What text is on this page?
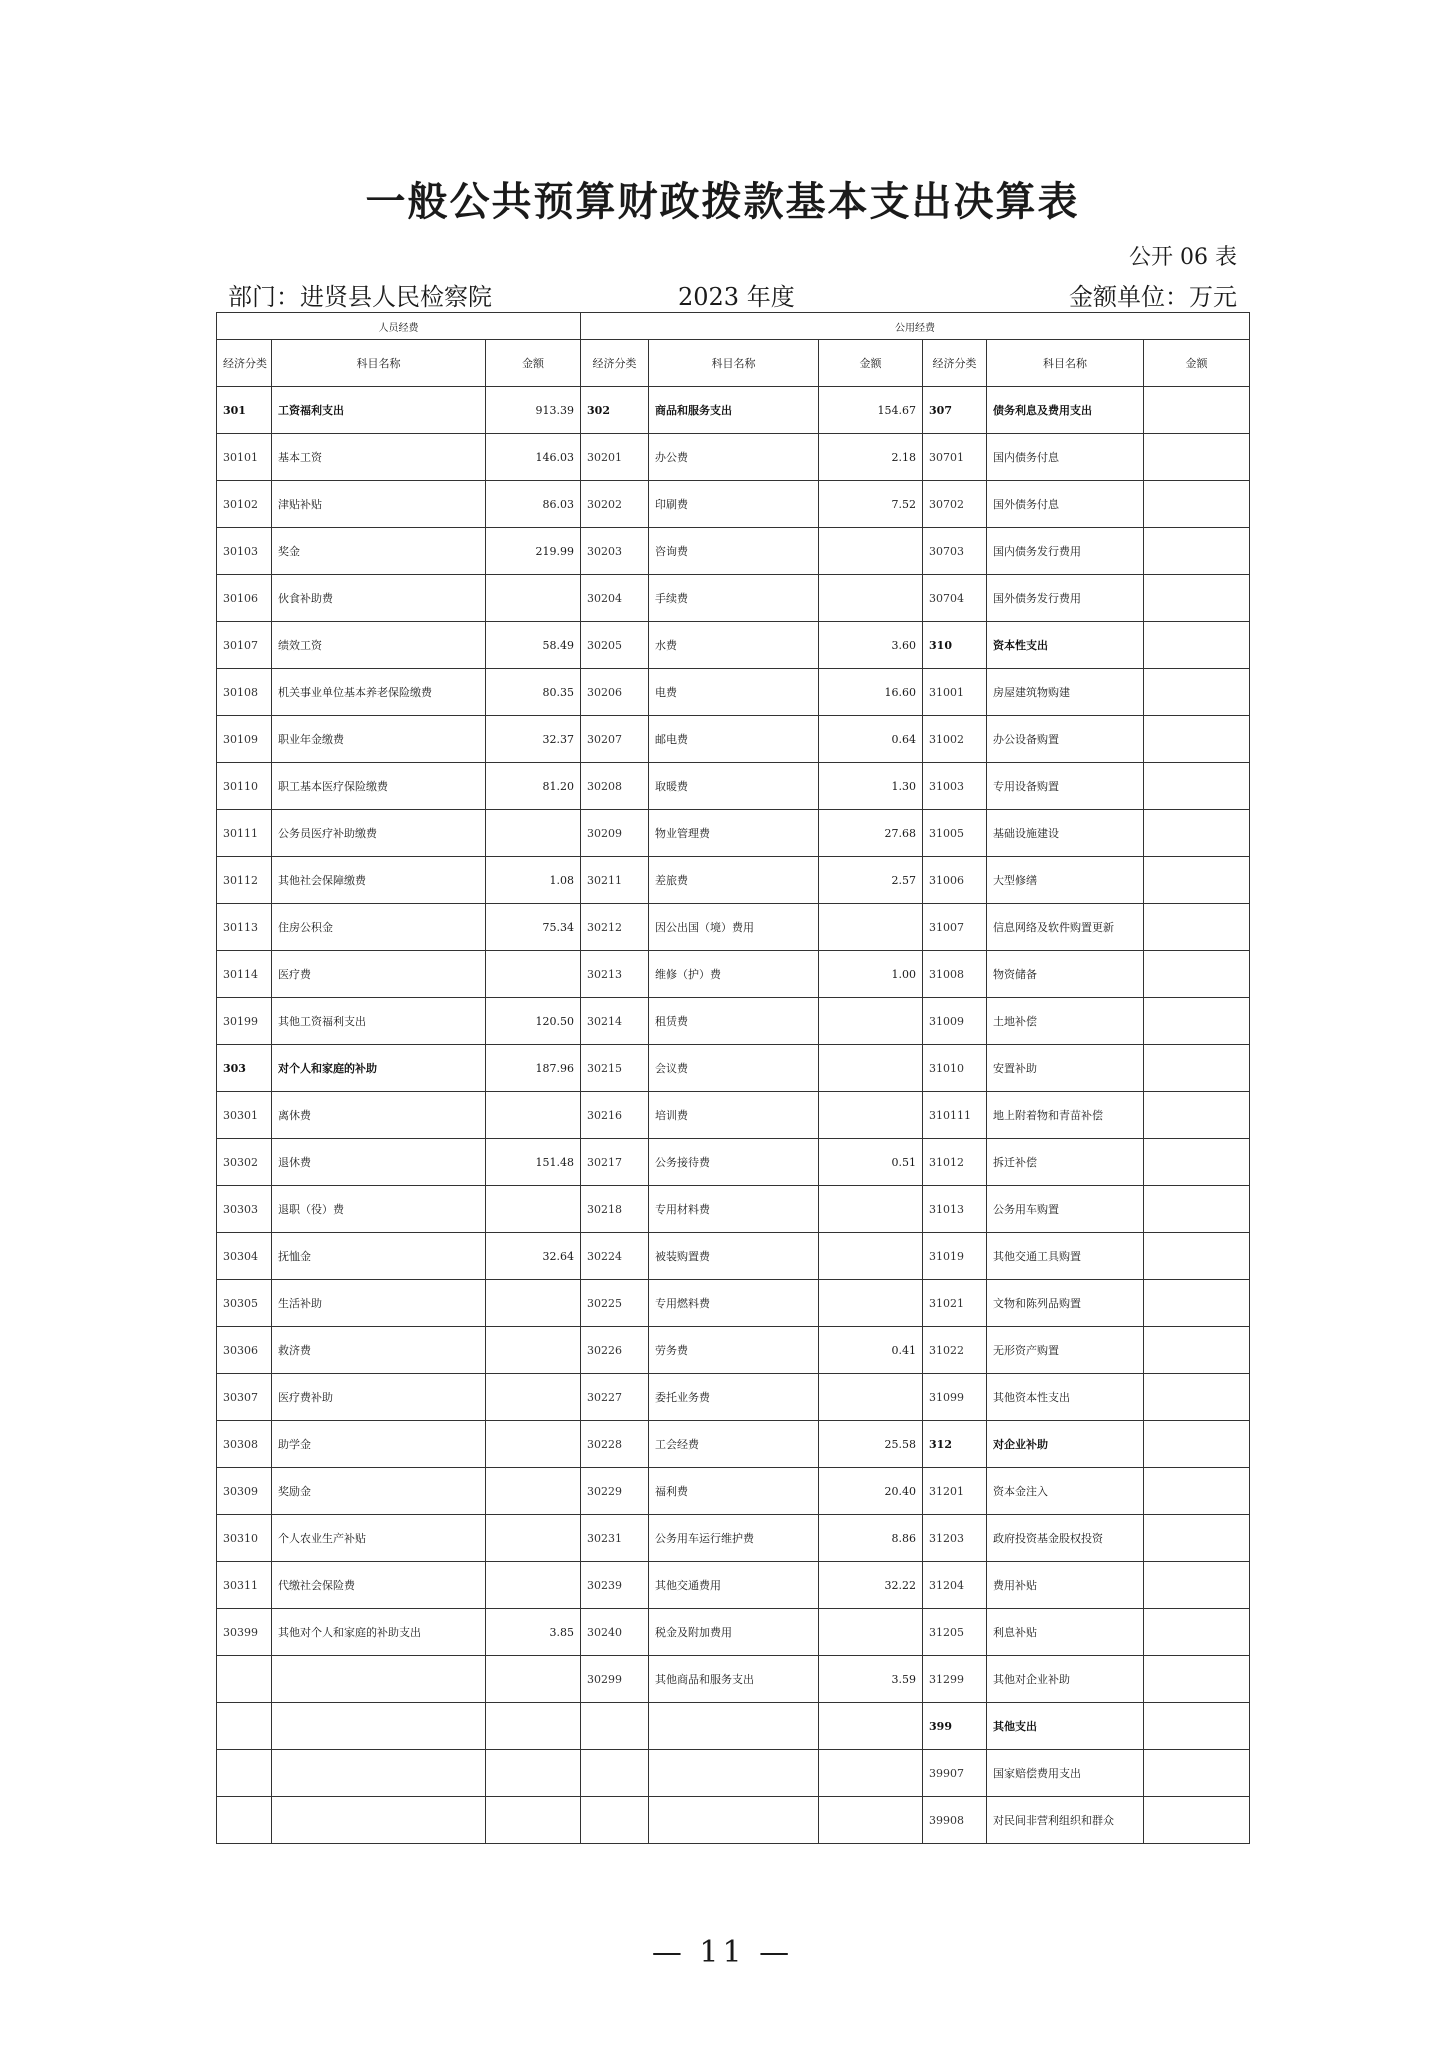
一般公共预算财政拨款基本支出决算表
公开 06 表
部门：进贤县人民检察院	2023 年度	金额单位：万元
人员经费			公用经费					
经济分类	科目名称	金额	经济分类	科目名称	金额	经济分类	科目名称	金额
301	工资福利支出	913.39	302	商品和服务支出	154.67	307	债务利息及费用支出	
30101	基本工资	146.03	30201	办公费	2.18	30701	国内债务付息	
30102	津贴补贴	86.03	30202	印刷费	7.52	30702	国外债务付息	
30103	奖金	219.99	30203	咨询费		30703	国内债务发行费用	
30106	伙食补助费		30204	手续费		30704	国外债务发行费用	
30107	绩效工资	58.49	30205	水费	3.60	310	资本性支出	
30108	机关事业单位基本养老保险缴费	80.35	30206	电费	16.60	31001	房屋建筑物购建	
30109	职业年金缴费	32.37	30207	邮电费	0.64	31002	办公设备购置	
30110	职工基本医疗保险缴费	81.20	30208	取暖费	1.30	31003	专用设备购置	
30111	公务员医疗补助缴费		30209	物业管理费	27.68	31005	基础设施建设	
30112	其他社会保障缴费	1.08	30211	差旅费	2.57	31006	大型修缮	
30113	住房公积金	75.34	30212	因公出国（境）费用		31007	信息网络及软件购置更新	
30114	医疗费		30213	维修（护）费	1.00	31008	物资储备	
30199	其他工资福利支出	120.50	30214	租赁费		31009	土地补偿	
303	对个人和家庭的补助	187.96	30215	会议费		31010	安置补助	
30301	离休费		30216	培训费		310111	地上附着物和青苗补偿	
30302	退休费	151.48	30217	公务接待费	0.51	31012	拆迁补偿	
30303	退职（役）费		30218	专用材料费		31013	公务用车购置	
30304	抚恤金	32.64	30224	被装购置费		31019	其他交通工具购置	
30305	生活补助		30225	专用燃料费		31021	文物和陈列品购置	
30306	救济费		30226	劳务费	0.41	31022	无形资产购置	
30307	医疗费补助		30227	委托业务费		31099	其他资本性支出	
30308	助学金		30228	工会经费	25.58	312	对企业补助	
30309	奖励金		30229	福利费	20.40	31201	资本金注入	
30310	个人农业生产补贴		30231	公务用车运行维护费	8.86	31203	政府投资基金股权投资	
30311	代缴社会保险费		30239	其他交通费用	32.22	31204	费用补贴	
30399	其他对个人和家庭的补助支出	3.85	30240	税金及附加费用		31205	利息补贴	
			30299	其他商品和服务支出	3.59	31299	其他对企业补助	
						399	其他支出	
						39907	国家赔偿费用支出	
						39908	对民间非营利组织和群众	
— 11 —
